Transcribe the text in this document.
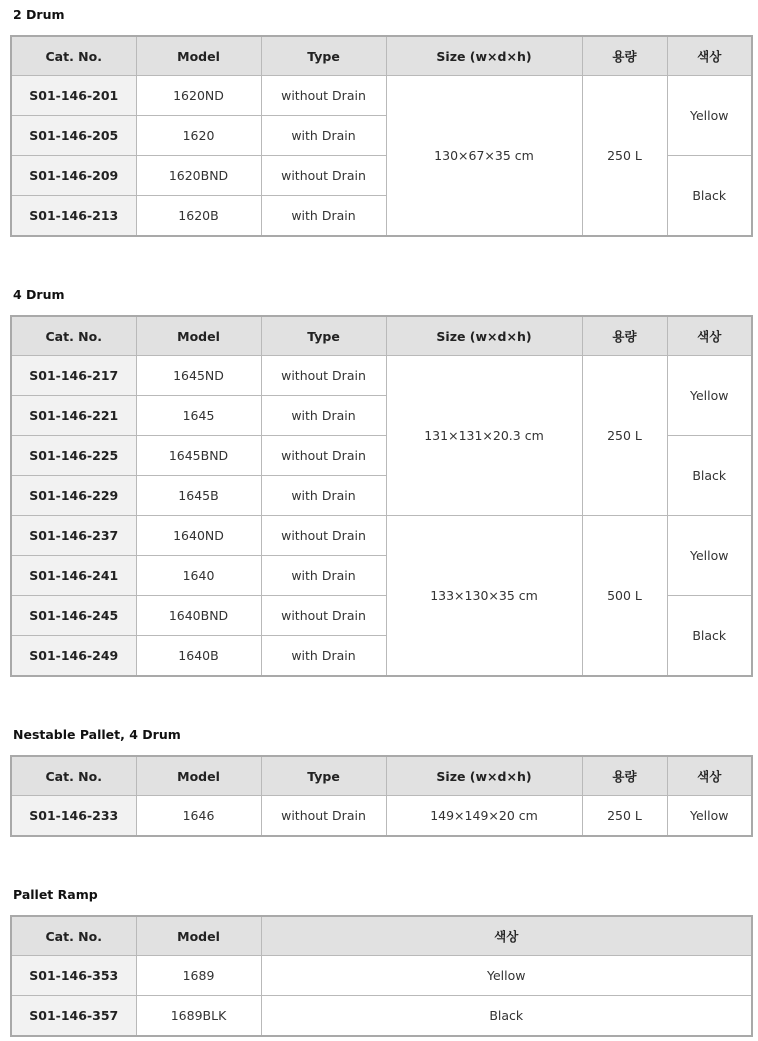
2 Drum
Cat. No.	Model	Type	Size (w×d×h)	용량	색상
S01-146-201	1620ND	without Drain	130×67×35 cm	250 L	Yellow
S01-146-205	1620	with Drain			
S01-146-209	1620BND	without Drain			Black
S01-146-213	1620B	with Drain			
4 Drum
Cat. No.	Model	Type	Size (w×d×h)	용량	색상
S01-146-217	1645ND	without Drain	131×131×20.3 cm	250 L	Yellow
S01-146-221	1645	with Drain			
S01-146-225	1645BND	without Drain			Black
S01-146-229	1645B	with Drain			
S01-146-237	1640ND	without Drain	133×130×35 cm	500 L	Yellow
S01-146-241	1640	with Drain			
S01-146-245	1640BND	without Drain			Black
S01-146-249	1640B	with Drain			
Nestable Pallet, 4 Drum
Cat. No.	Model	Type	Size (w×d×h)	용량	색상
S01-146-233	1646	without Drain	149×149×20 cm	250 L	Yellow
Pallet Ramp
Cat. No.	Model	색상
S01-146-353	1689	Yellow
S01-146-357	1689BLK	Black
